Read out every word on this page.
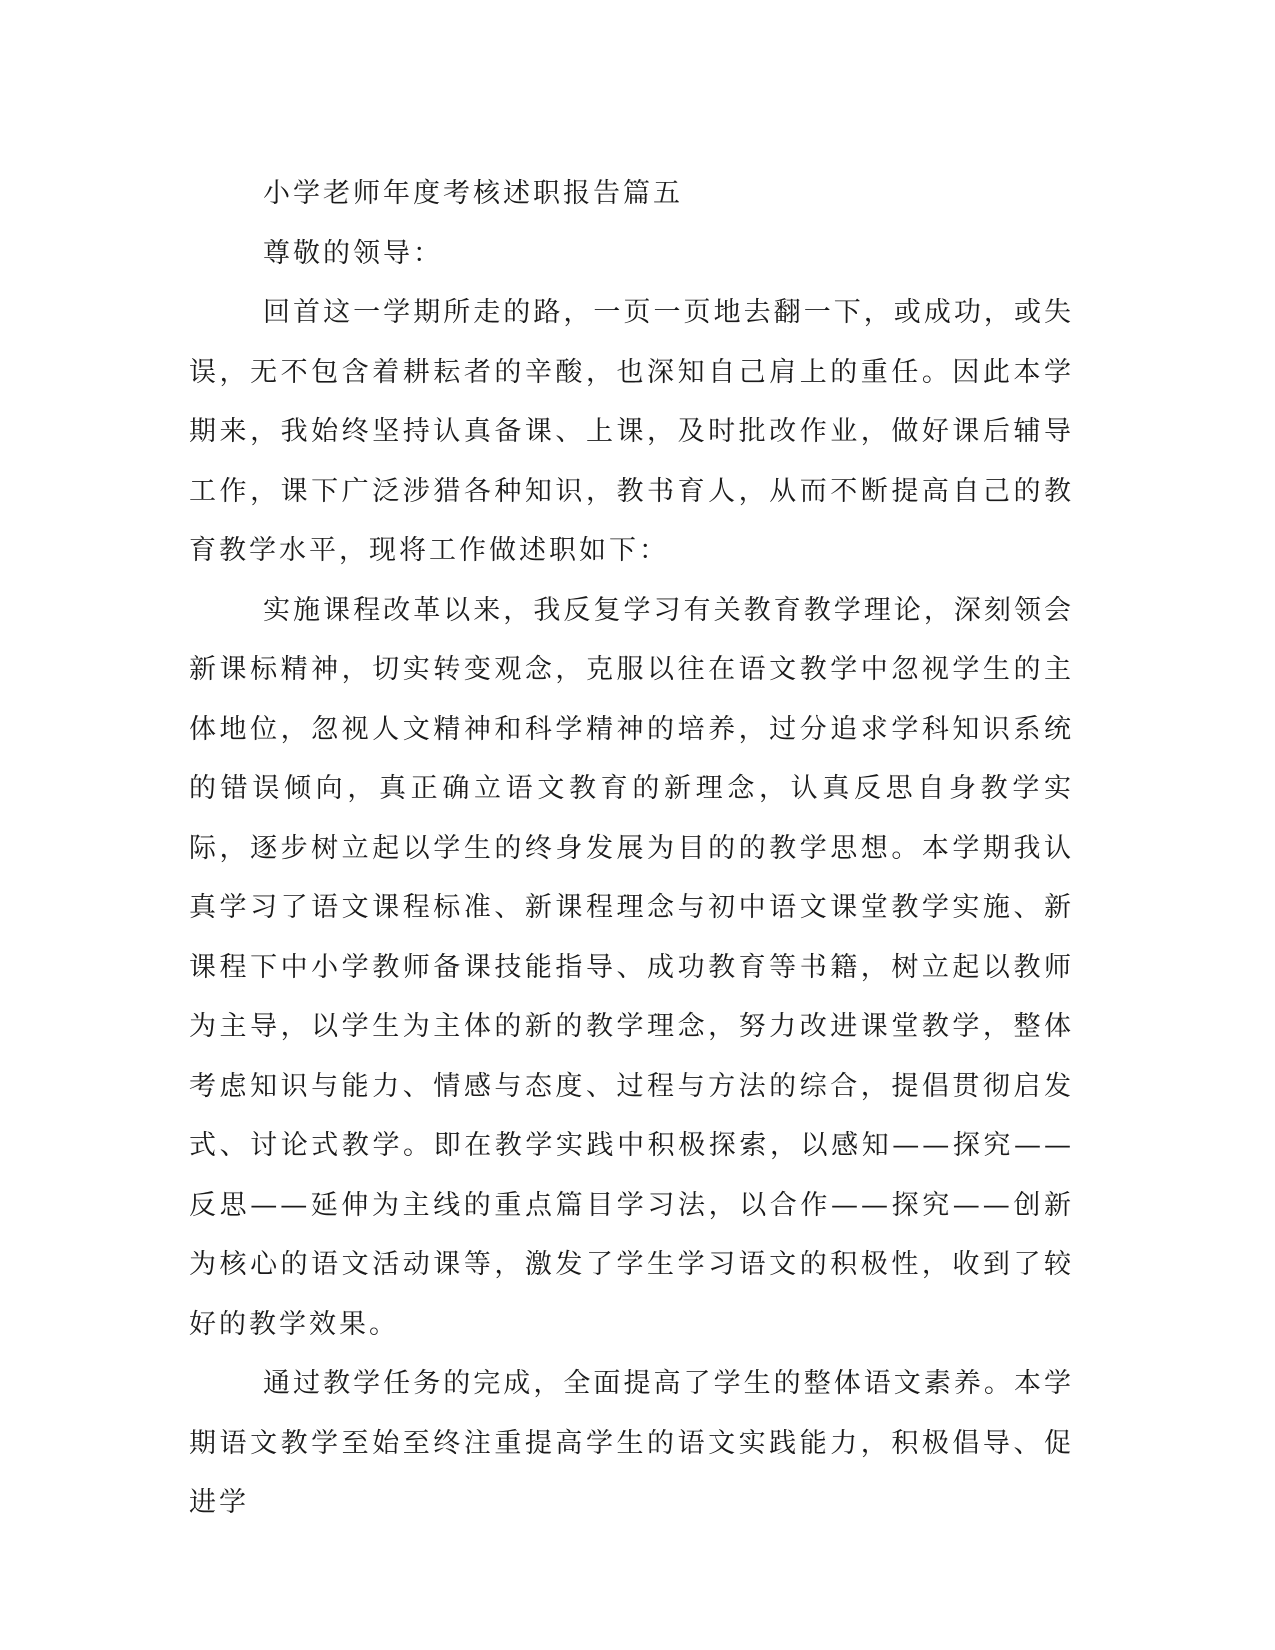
小学老师年度考核述职报告篇五

尊敬的领导：

回首这一学期所走的路，一页一页地去翻一下，或成功，或失误，无不包含着耕耘者的辛酸，也深知自己肩上的重任。因此本学期来，我始终坚持认真备课、上课，及时批改作业，做好课后辅导工作，课下广泛涉猎各种知识，教书育人，从而不断提高自己的教育教学水平，现将工作做述职如下：

实施课程改革以来，我反复学习有关教育教学理论，深刻领会新课标精神，切实转变观念，克服以往在语文教学中忽视学生的主体地位，忽视人文精神和科学精神的培养，过分追求学科知识系统的错误倾向，真正确立语文教育的新理念，认真反思自身教学实际，逐步树立起以学生的终身发展为目的的教学思想。本学期我认真学习了语文课程标准、新课程理念与初中语文课堂教学实施、新课程下中小学教师备课技能指导、成功教育等书籍，树立起以教师为主导，以学生为主体的新的教学理念，努力改进课堂教学，整体考虑知识与能力、情感与态度、过程与方法的综合，提倡贯彻启发式、讨论式教学。即在教学实践中积极探索，以感知——探究——反思——延伸为主线的重点篇目学习法，以合作——探究——创新为核心的语文活动课等，激发了学生学习语文的积极性，收到了较好的教学效果。

通过教学任务的完成，全面提高了学生的整体语文素养。本学期语文教学至始至终注重提高学生的语文实践能力，积极倡导、促进学
